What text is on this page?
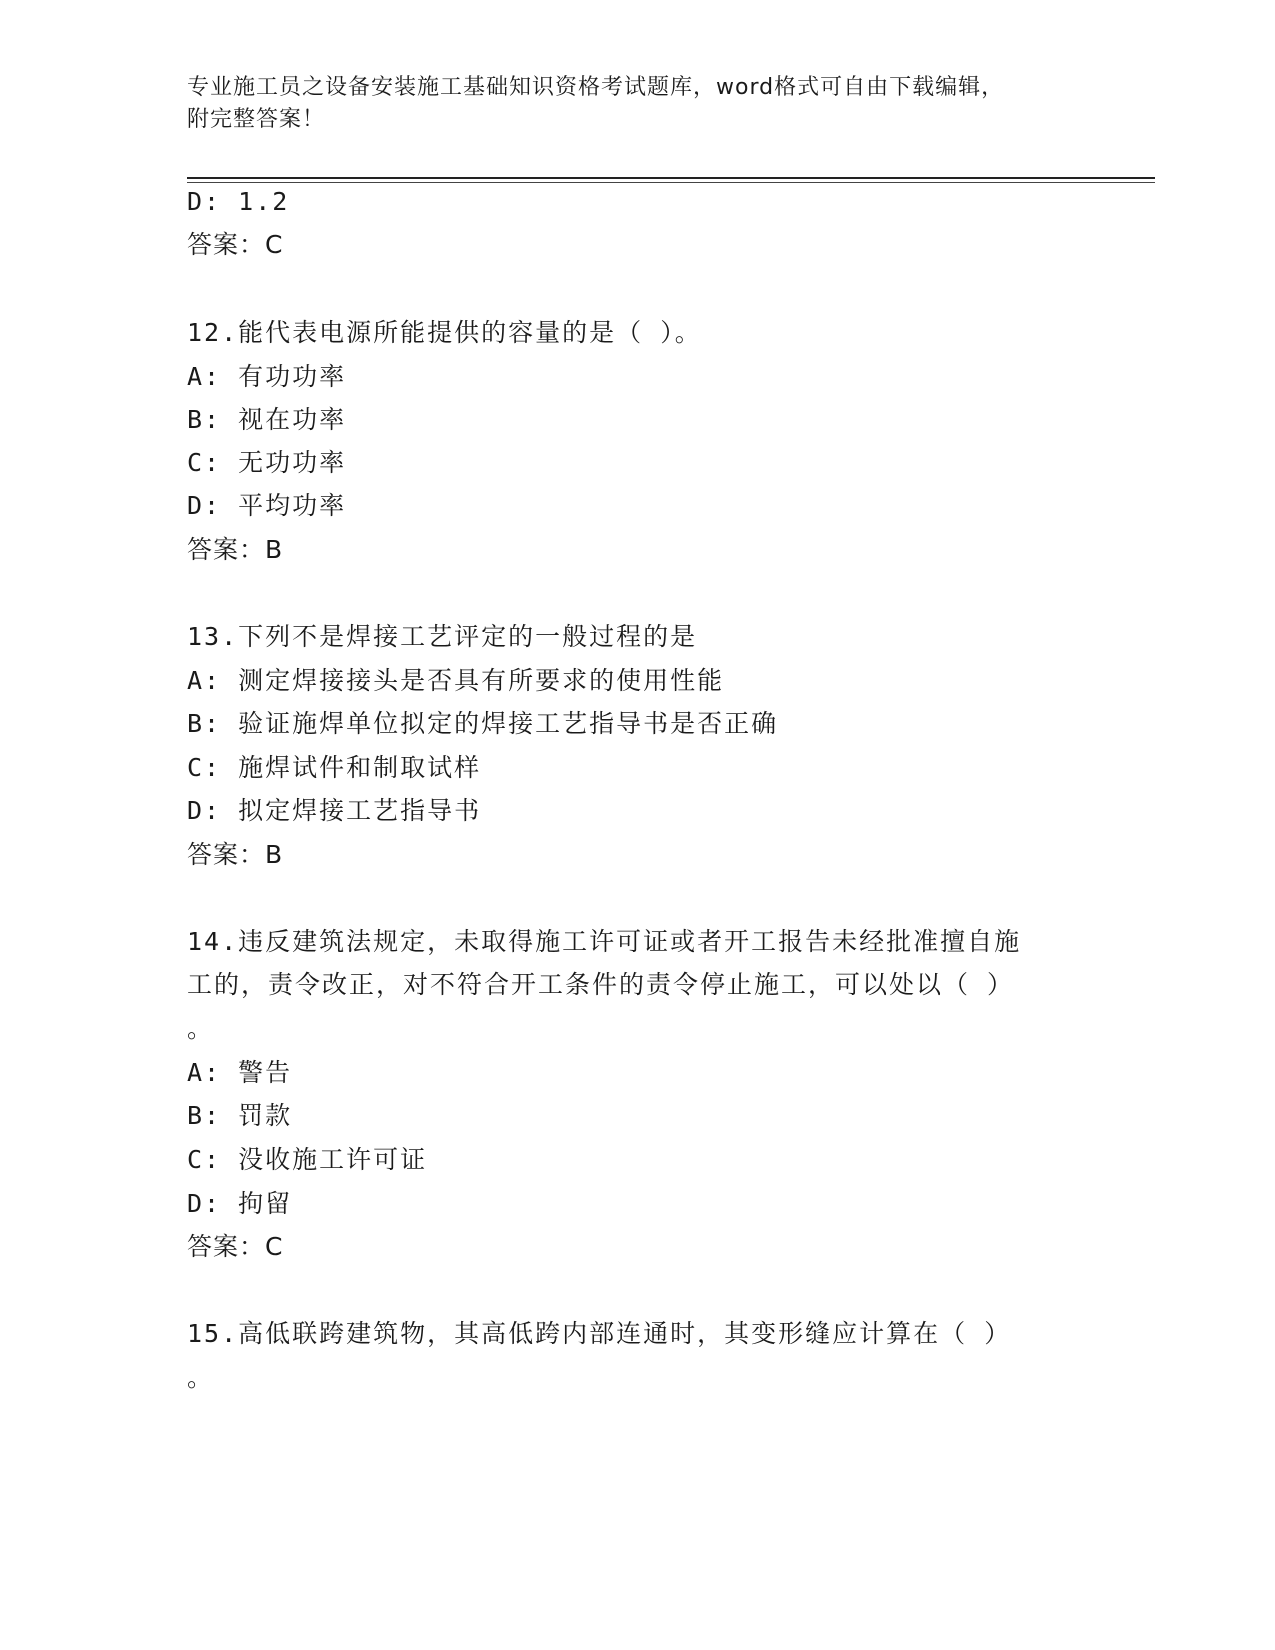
专业施工员之设备安装施工基础知识资格考试题库，word格式可自由下载编辑，
附完整答案！
D: 1.2
答案：C
12.能代表电源所能提供的容量的是（ ）。
A: 有功功率
B: 视在功率
C: 无功功率
D: 平均功率
答案：B
13.下列不是焊接工艺评定的一般过程的是
A: 测定焊接接头是否具有所要求的使用性能
B: 验证施焊单位拟定的焊接工艺指导书是否正确
C: 施焊试件和制取试样
D: 拟定焊接工艺指导书
答案：B
14.违反建筑法规定，未取得施工许可证或者开工报告未经批准擅自施
工的，责令改正，对不符合开工条件的责令停止施工，可以处以（ ）
。
A: 警告
B: 罚款
C: 没收施工许可证
D: 拘留
答案：C
15.高低联跨建筑物，其高低跨内部连通时，其变形缝应计算在（ ）
。
